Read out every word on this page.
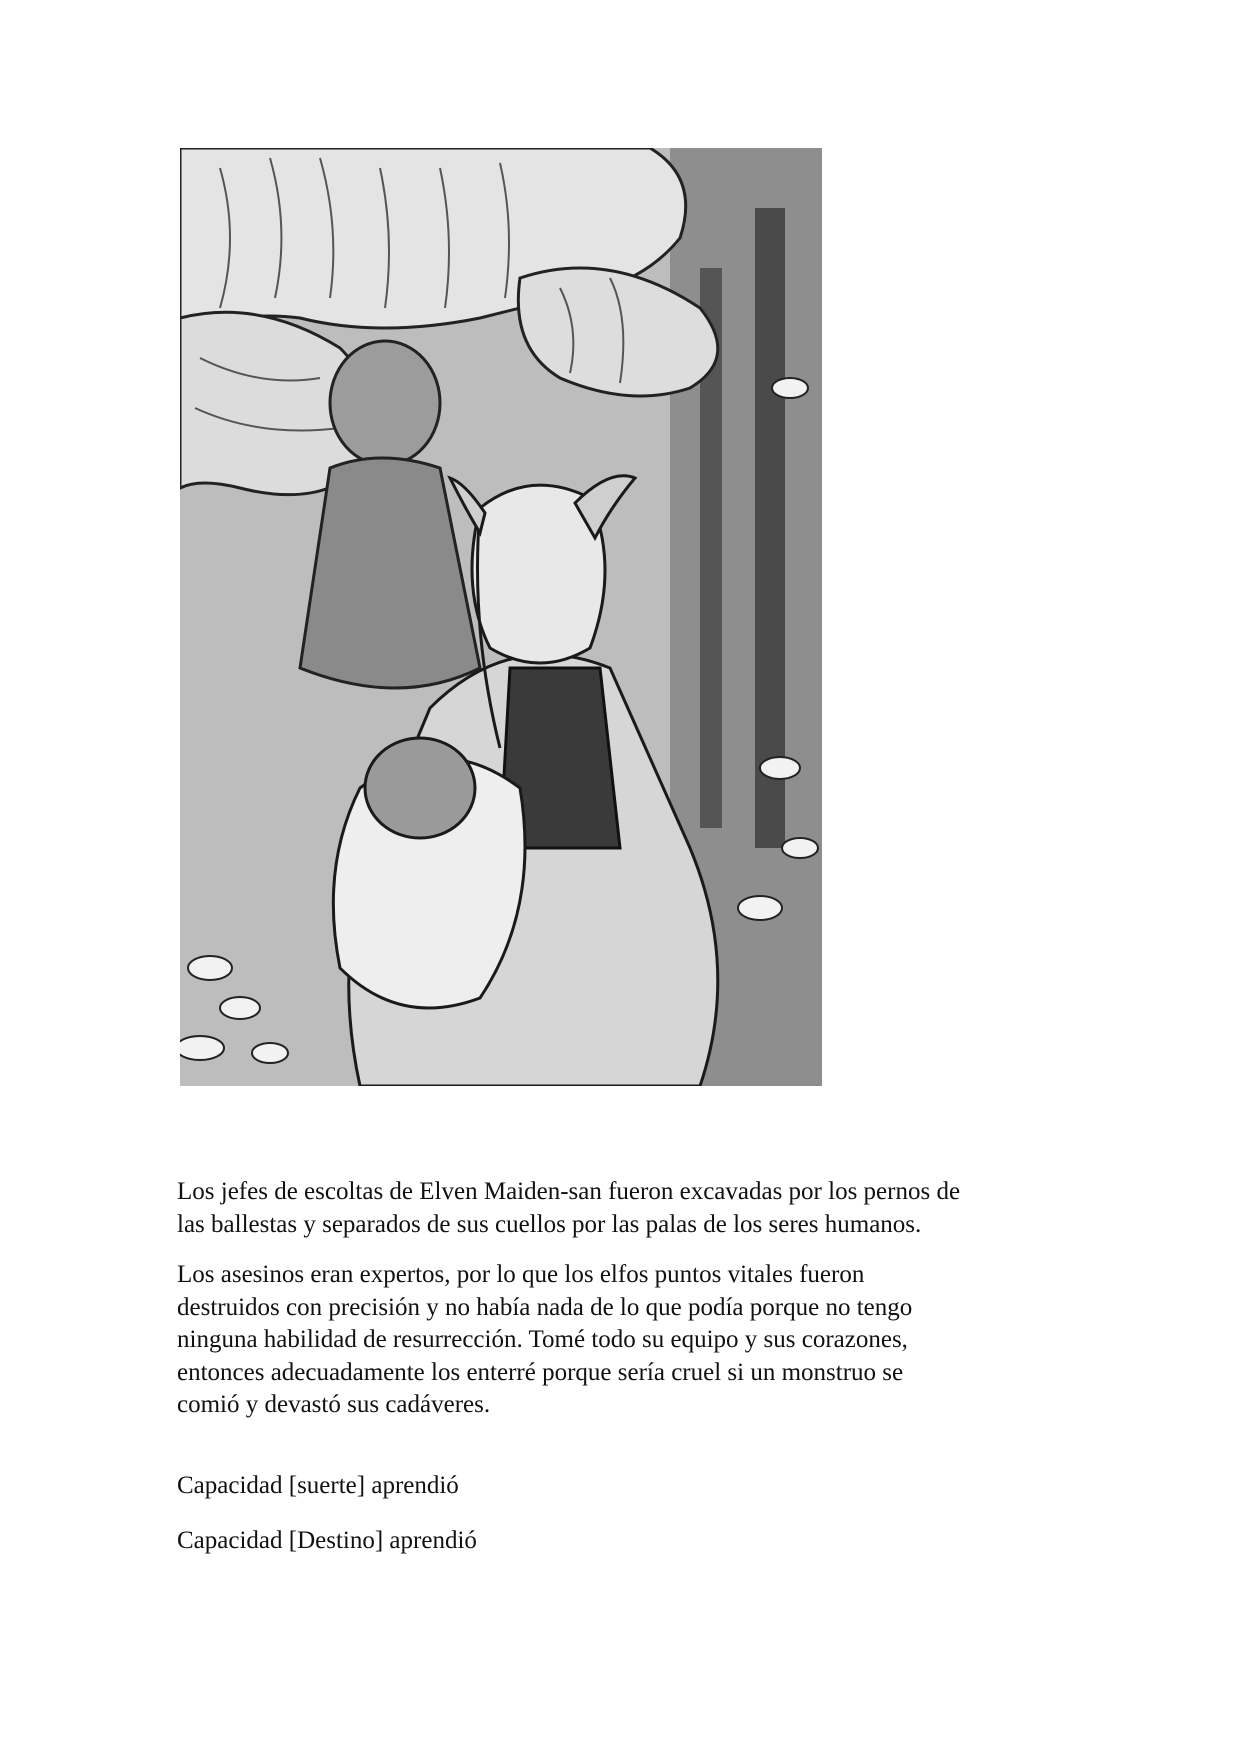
Los jefes de escoltas de Elven Maiden-san fueron excavadas por los pernos de
las ballestas y separados de sus cuellos por las palas de los seres humanos.

Los asesinos eran expertos, por lo que los elfos puntos vitales fueron
destruidos con precisión y no había nada de lo que podía porque no tengo
ninguna habilidad de resurrección. Tomé todo su equipo y sus corazones,
entonces adecuadamente los enterré porque sería cruel si un monstruo se
comió y devastó sus cadáveres.

Capacidad [suerte] aprendió

Capacidad [Destino] aprendió
